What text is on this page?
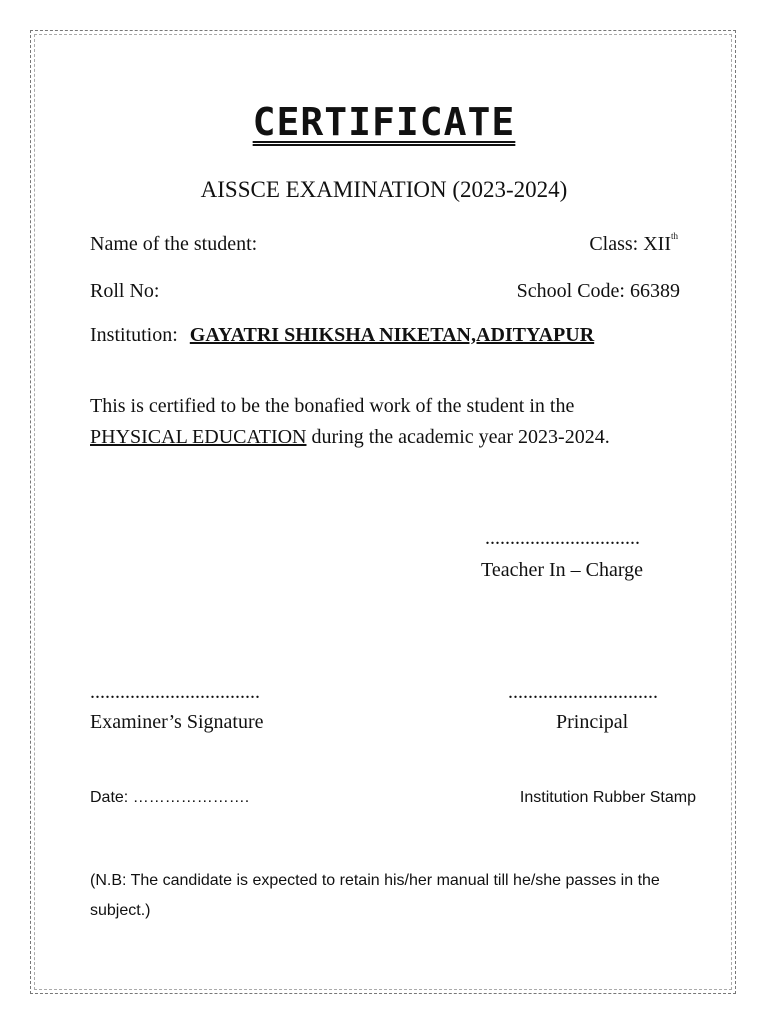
CERTIFICATE
AISSCE EXAMINATION (2023-2024)
Name of the student:	Class: XIIth
Roll No:	School Code: 66389
Institution: GAYATRI SHIKSHA NIKETAN,ADITYAPUR
This is certified to be the bonafied work of the student in the
PHYSICAL EDUCATION during the academic year 2023-2024.
...............................
Teacher In – Charge
..................................
Examiner’s Signature
..............................
Principal
Date: ………………….	Institution Rubber Stamp
(N.B: The candidate is expected to retain his/her manual till he/she passes in the subject.)
